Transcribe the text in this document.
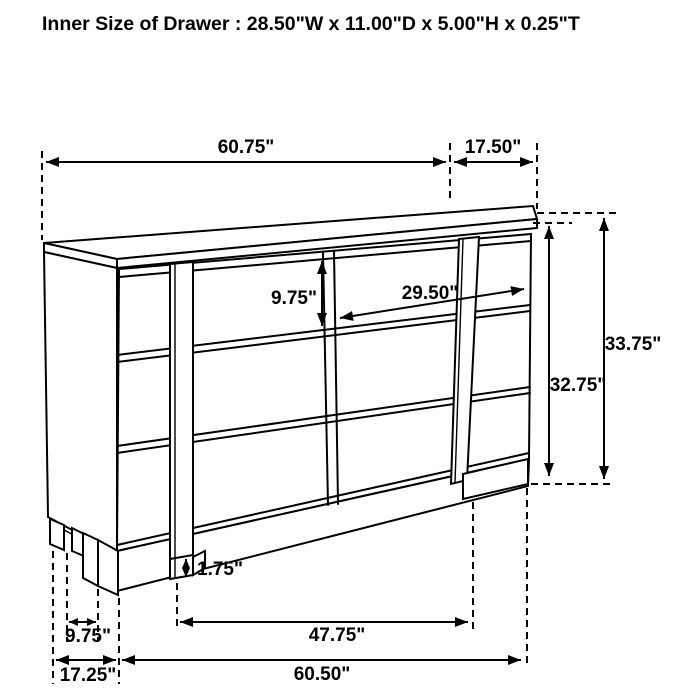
Inner Size of Drawer : 28.50"W x 11.00"D x 5.00"H x 0.25"T
60.75"	17.50"
9.75"	29.50"
33.75"
32.75"
1.75"
9.75"	47.75"
17.25"	60.50"
